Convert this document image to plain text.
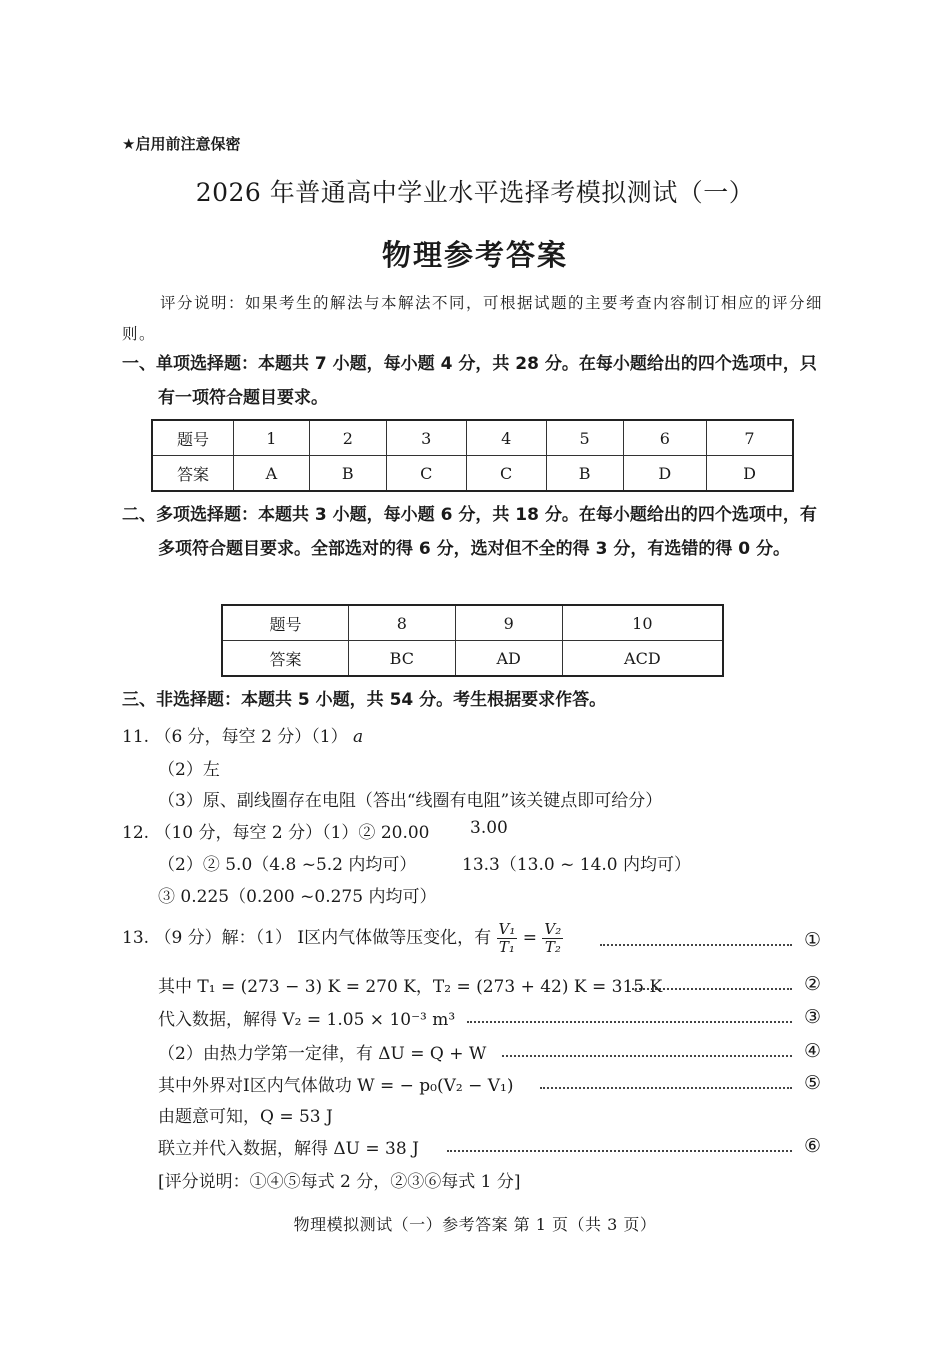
★启用前注意保密
2026 年普通高中学业水平选择考模拟测试（一）
物理参考答案
评分说明：如果考生的解法与本解法不同，可根据试题的主要考查内容制订相应的评分细则。
一、单项选择题：本题共 7 小题，每小题 4 分，共 28 分。在每小题给出的四个选项中，只有一项符合题目要求。
题号	1	2	3	4	5	6	7
答案	A	B	C	C	B	D	D
二、多项选择题：本题共 3 小题，每小题 6 分，共 18 分。在每小题给出的四个选项中，有多项符合题目要求。全部选对的得 6 分，选对但不全的得 3 分，有选错的得 0 分。
题号	8	9	10
答案	BC	AD	ACD
三、非选择题：本题共 5 小题，共 54 分。考生根据要求作答。
11. （6 分，每空 2 分）（1） a
（2）左
（3）原、副线圈存在电阻（答出“线圈有电阻”该关键点即可给分）
12. （10 分，每空 2 分）（1）② 20.00 3.00
（2）② 5.0（4.8 ~5.2 内均可）	13.3（13.0 ~ 14.0 内均可）
③ 0.225（0.200 ~0.275 内均可）
13. （9 分）解：（1） Ⅰ区内气体做等压变化，有 $\frac{\text{V₁}}{\text{T₁}} = \frac{\text{V₂}}{\text{T₂}}$	①
其中 T₁ = (273 − 3) K = 270 K，T₂ = (273 + 42) K = 315 K	②
代入数据，解得 V₂ = 1.05 × 10⁻³ m³	③
（2）由热力学第一定律，有 ΔU = Q + W	④
其中外界对Ⅰ区内气体做功 W = − p₀(V₂ − V₁)	⑤
由题意可知，Q = 53 J
联立并代入数据，解得 ΔU = 38 J	⑥
[评分说明：①④⑤每式 2 分，②③⑥每式 1 分]
物理模拟测试（一）参考答案 第 1 页（共 3 页）
